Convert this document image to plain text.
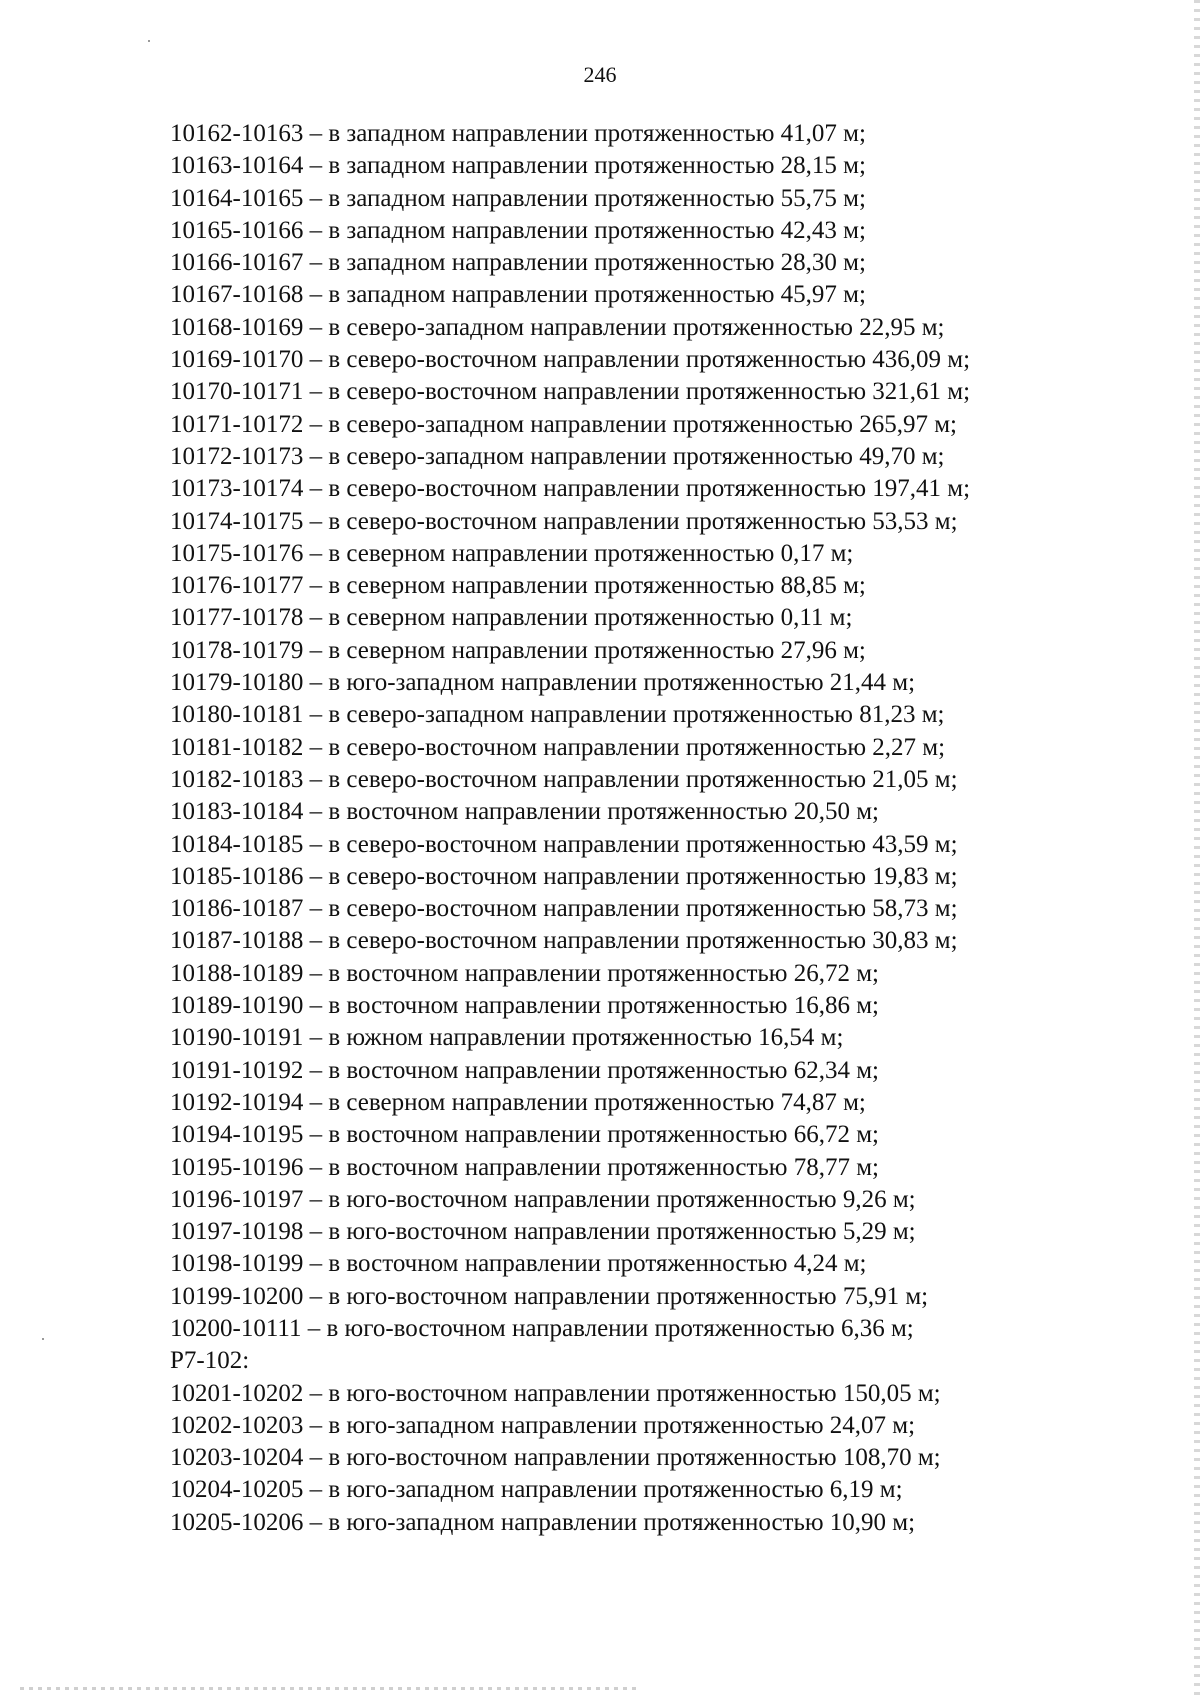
246
10162-10163 – в западном направлении протяженностью 41,07 м;
10163-10164 – в западном направлении протяженностью 28,15 м;
10164-10165 – в западном направлении протяженностью 55,75 м;
10165-10166 – в западном направлении протяженностью 42,43 м;
10166-10167 – в западном направлении протяженностью 28,30 м;
10167-10168 – в западном направлении протяженностью 45,97 м;
10168-10169 – в северо-западном направлении протяженностью 22,95 м;
10169-10170 – в северо-восточном направлении протяженностью 436,09 м;
10170-10171 – в северо-восточном направлении протяженностью 321,61 м;
10171-10172 – в северо-западном направлении протяженностью 265,97 м;
10172-10173 – в северо-западном направлении протяженностью 49,70 м;
10173-10174 – в северо-восточном направлении протяженностью 197,41 м;
10174-10175 – в северо-восточном направлении протяженностью 53,53 м;
10175-10176 – в северном направлении протяженностью 0,17 м;
10176-10177 – в северном направлении протяженностью 88,85 м;
10177-10178 – в северном направлении протяженностью 0,11 м;
10178-10179 – в северном направлении протяженностью 27,96 м;
10179-10180 – в юго-западном направлении протяженностью 21,44 м;
10180-10181 – в северо-западном направлении протяженностью 81,23 м;
10181-10182 – в северо-восточном направлении протяженностью 2,27 м;
10182-10183 – в северо-восточном направлении протяженностью 21,05 м;
10183-10184 – в восточном направлении протяженностью 20,50 м;
10184-10185 – в северо-восточном направлении протяженностью 43,59 м;
10185-10186 – в северо-восточном направлении протяженностью 19,83 м;
10186-10187 – в северо-восточном направлении протяженностью 58,73 м;
10187-10188 – в северо-восточном направлении протяженностью 30,83 м;
10188-10189 – в восточном направлении протяженностью 26,72 м;
10189-10190 – в восточном направлении протяженностью 16,86 м;
10190-10191 – в южном направлении протяженностью 16,54 м;
10191-10192 – в восточном направлении протяженностью 62,34 м;
10192-10194 – в северном направлении протяженностью 74,87 м;
10194-10195 – в восточном направлении протяженностью 66,72 м;
10195-10196 – в восточном направлении протяженностью 78,77 м;
10196-10197 – в юго-восточном направлении протяженностью 9,26 м;
10197-10198 – в юго-восточном направлении протяженностью 5,29 м;
10198-10199 – в восточном направлении протяженностью 4,24 м;
10199-10200 – в юго-восточном направлении протяженностью 75,91 м;
10200-10111 – в юго-восточном направлении протяженностью 6,36 м;
Р7-102:
10201-10202 – в юго-восточном направлении протяженностью 150,05 м;
10202-10203 – в юго-западном направлении протяженностью 24,07 м;
10203-10204 – в юго-восточном направлении протяженностью 108,70 м;
10204-10205 – в юго-западном направлении протяженностью 6,19 м;
10205-10206 – в юго-западном направлении протяженностью 10,90 м;
